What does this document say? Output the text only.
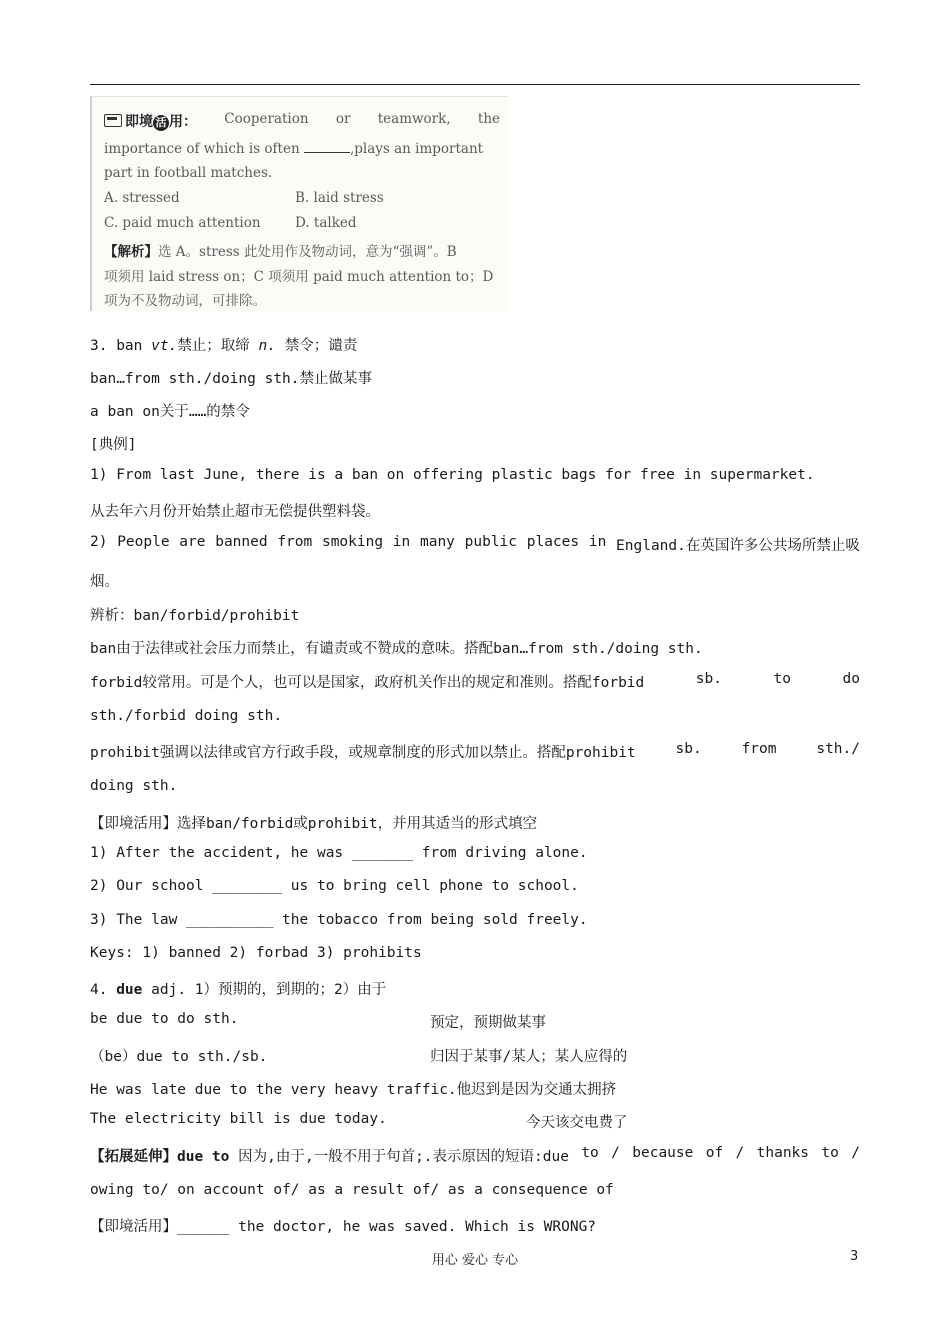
即境 活 用： Cooperation or teamwork, the
importance of which is often	,plays an important
part in football matches.
A. stressed	B. laid stress
C. paid much attention	D. talked
【解析】选 A。stress 此处用作及物动词，意为“强调”。B
项须用 laid stress on；C 项须用 paid much attention to；D
项为不及物动词，可排除。
3. ban vt.禁止；取缔 n. 禁令；谴责
ban…from sth./doing sth.禁止做某事
a ban on关于……的禁令
[典例]
1) From last June, there is a ban on offering plastic bags for free in supermarket.
从去年六月份开始禁止超市无偿提供塑料袋。
2) People are banned from smoking in many public places in England.在英国许多公共场所禁止吸
烟。
辨析：ban/forbid/prohibit
ban由于法律或社会压力而禁止，有谴责或不赞成的意味。搭配ban…from sth./doing sth.
forbid较常用。可是个人，也可以是国家，政府机关作出的规定和准则。搭配forbid	sb.	to	do
sth./forbid doing sth.
prohibit强调以法律或官方行政手段，或规章制度的形式加以禁止。搭配prohibit	sb.	from	sth./
doing sth.
【即境活用】选择ban/forbid或prohibit，并用其适当的形式填空
1) After the accident, he was _______ from driving alone.
2) Our school ________ us to bring cell phone to school.
3) The law __________ the tobacco from being sold freely.
Keys: 1) banned 2) forbad 3) prohibits
4. due adj. 1）预期的，到期的；2）由于
be due to do sth.	预定，预期做某事
（be）due to sth./sb.	归因于某事/某人；某人应得的
He was late due to the very heavy traffic.他迟到是因为交通太拥挤
The electricity bill is due today.	今天该交电费了
【拓展延伸】due to 因为,由于,一般不用于句首;.表示原因的短语:due to / because of / thanks to /
owing to/ on account of/ as a result of/ as a consequence of
【即境活用】______ the doctor, he was saved. Which is WRONG?
用心 爱心 专心	3
